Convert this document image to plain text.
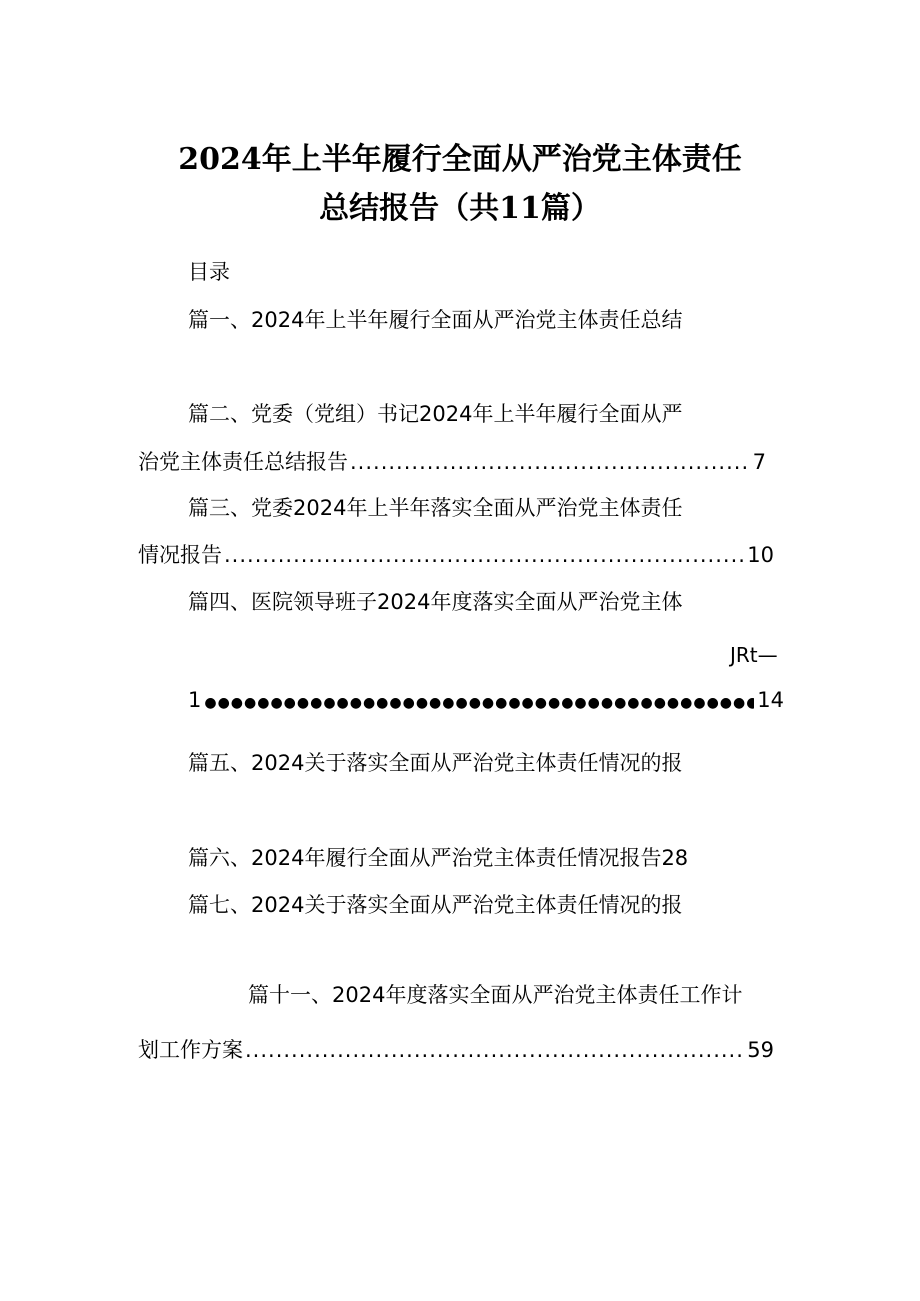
2024年上半年履行全面从严治党主体责任
总结报告（共11篇）
目录
篇一、2024年上半年履行全面从严治党主体责任总结
篇二、党委（党组）书记2024年上半年履行全面从严
治党主体责任总结报告 .....	7
篇三、党委2024年上半年落实全面从严治党主体责任
情况报告 .....	10
篇四、医院领导班子2024年度落实全面从严治党主体
JRt—
1 ●●●●●●●●●●●●●●●●●●●●●●●●●●●●●●●●●●●●●●●●●●●●●●●●●●●●●●●●●●●●●●●●●●●●●●●●●●●●●●●●●●●●●●●●●●●●●●●●	14
篇五、2024关于落实全面从严治党主体责任情况的报
篇六、2024年履行全面从严治党主体责任情况报告28
篇七、2024关于落实全面从严治党主体责任情况的报
篇十一、2024年度落实全面从严治党主体责任工作计
划工作方案 .....	59
